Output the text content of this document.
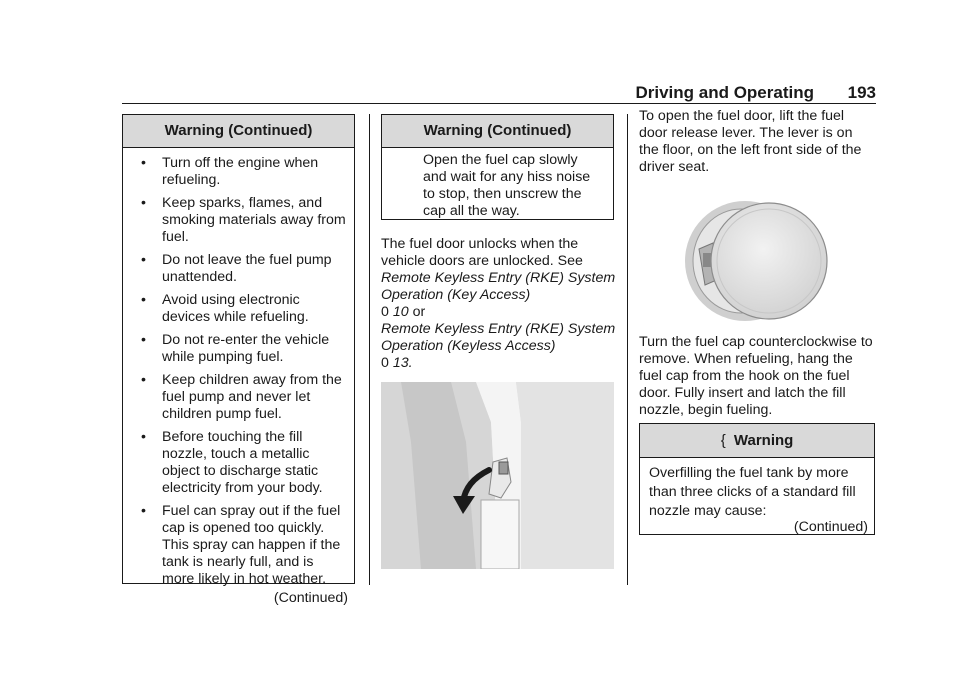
Driving and Operating 193
Warning (Continued)
• Turn off the engine when refueling.
• Keep sparks, flames, and smoking materials away from fuel.
• Do not leave the fuel pump unattended.
• Avoid using electronic devices while refueling.
• Do not re-enter the vehicle while pumping fuel.
• Keep children away from the fuel pump and never let children pump fuel.
• Before touching the fill nozzle, touch a metallic object to discharge static electricity from your body.
• Fuel can spray out if the fuel cap is opened too quickly. This spray can happen if the tank is nearly full, and is more likely in hot weather.
(Continued)
Warning (Continued)
Open the fuel cap slowly and wait for any hiss noise to stop, then unscrew the cap all the way.
The fuel door unlocks when the vehicle doors are unlocked. See
Remote Keyless Entry (RKE) System Operation (Key Access)
0 10 or
Remote Keyless Entry (RKE) System Operation (Keyless Access)
0 13.
To open the fuel door, lift the fuel door release lever. The lever is on the floor, on the left front side of the driver seat.
Turn the fuel cap counterclockwise to remove. When refueling, hang the fuel cap from the hook on the fuel door. Fully insert and latch the fill nozzle, begin fueling.
{ Warning
Overfilling the fuel tank by more than three clicks of a standard fill nozzle may cause:
(Continued)
